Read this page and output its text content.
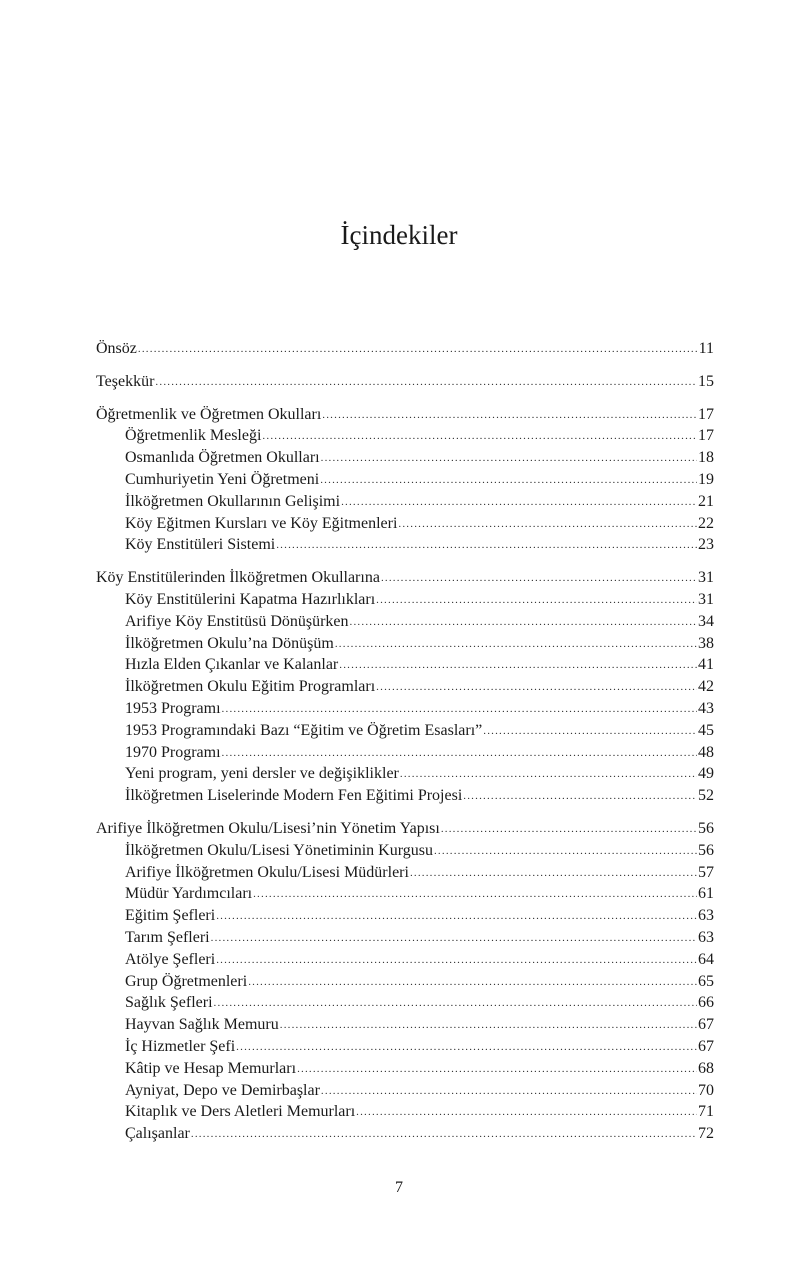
İçindekiler
Önsöz .....	11
Teşekkür .....	15
Öğretmenlik ve Öğretmen Okulları .....	17
Öğretmenlik Mesleği .....	17
Osmanlıda Öğretmen Okulları .....	18
Cumhuriyetin Yeni Öğretmeni .....	19
İlköğretmen Okullarının Gelişimi .....	21
Köy Eğitmen Kursları ve Köy Eğitmenleri .....	22
Köy Enstitüleri Sistemi .....	23
Köy Enstitülerinden İlköğretmen Okullarına .....	31
Köy Enstitülerini Kapatma Hazırlıkları .....	31
Arifiye Köy Enstitüsü Dönüşürken .....	34
İlköğretmen Okulu’na Dönüşüm .....	38
Hızla Elden Çıkanlar ve Kalanlar .....	41
İlköğretmen Okulu Eğitim Programları .....	42
1953 Programı .....	43
1953 Programındaki Bazı “Eğitim ve Öğretim Esasları” .....	45
1970 Programı .....	48
Yeni program, yeni dersler ve değişiklikler .....	49
İlköğretmen Liselerinde Modern Fen Eğitimi Projesi .....	52
Arifiye İlköğretmen Okulu/Lisesi’nin Yönetim Yapısı .....	56
İlköğretmen Okulu/Lisesi Yönetiminin Kurgusu .....	56
Arifiye İlköğretmen Okulu/Lisesi Müdürleri .....	57
Müdür Yardımcıları .....	61
Eğitim Şefleri .....	63
Tarım Şefleri .....	63
Atölye Şefleri .....	64
Grup Öğretmenleri .....	65
Sağlık Şefleri .....	66
Hayvan Sağlık Memuru .....	67
İç Hizmetler Şefi .....	67
Kâtip ve Hesap Memurları .....	68
Ayniyat, Depo ve Demirbaşlar .....	70
Kitaplık ve Ders Aletleri Memurları .....	71
Çalışanlar .....	72
7
